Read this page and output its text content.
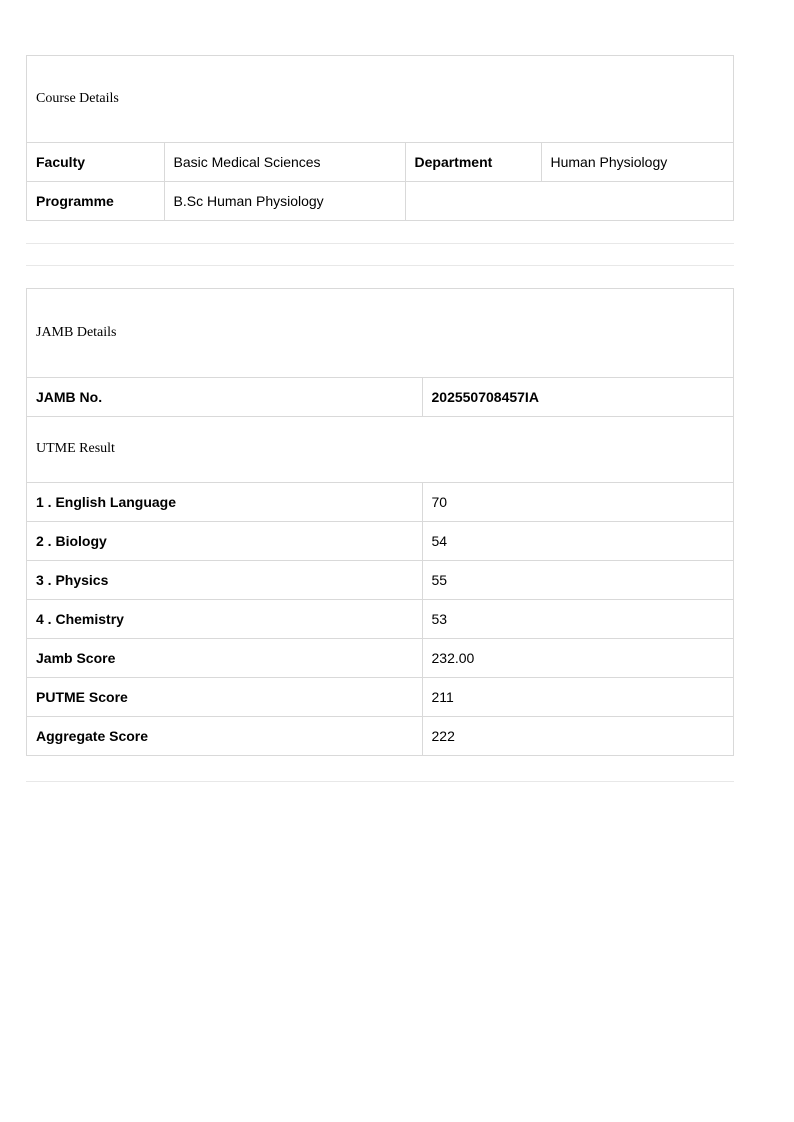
Course Details			
Faculty	Basic Medical Sciences	Department	Human Physiology
Programme	B.Sc Human Physiology		
JAMB Details	
JAMB No.	202550708457IA
UTME Result	
1 . English Language	70
2 . Biology	54
3 . Physics	55
4 . Chemistry	53
Jamb Score	232.00
PUTME Score	211
Aggregate Score	222
